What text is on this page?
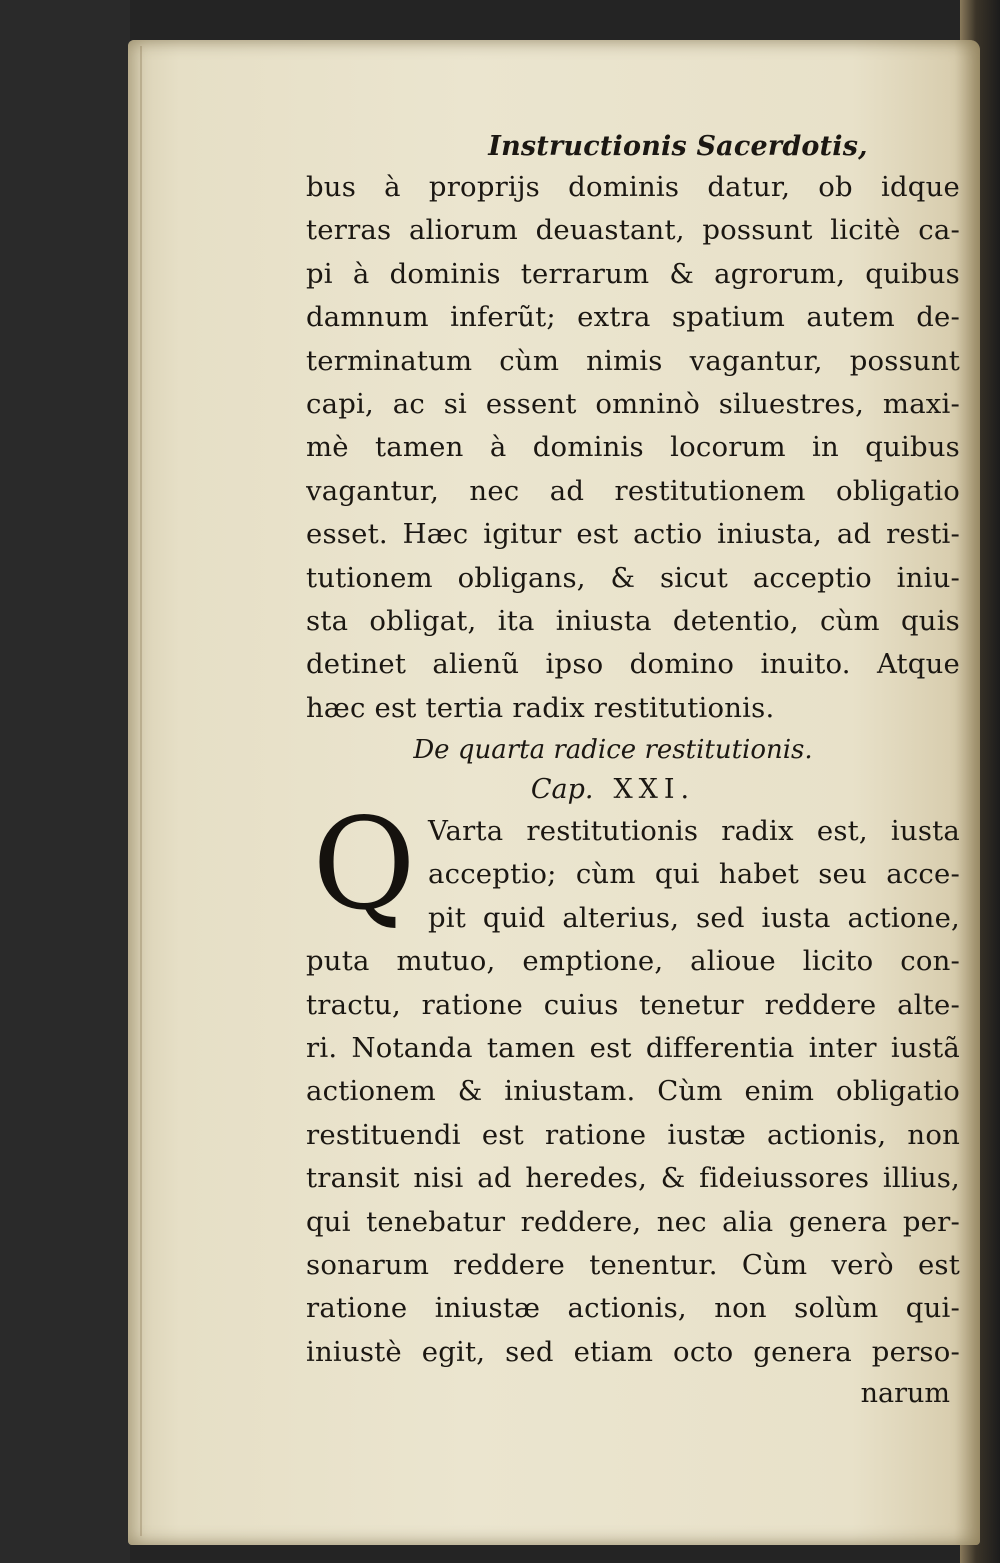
Instructionis Sacerdotis,
bus à proprijs dominis datur, ob idque
terras aliorum deuastant, possunt licitè ca-
pi à dominis terrarum & agrorum, quibus
damnum inferũt; extra spatium autem de-
terminatum cùm nimis vagantur, possunt
capi, ac si essent omninò siluestres, maxi-
mè tamen à dominis locorum in quibus
vagantur, nec ad restitutionem obligatio
esset. Hæc igitur est actio iniusta, ad resti-
tutionem obligans, & sicut acceptio iniu-
sta obligat, ita iniusta detentio, cùm quis
detinet alienũ ipso domino inuito. Atque
hæc est tertia radix restitutionis.
De quarta radice restitutionis.
Cap. XXI.
Q Varta restitutionis radix est, iusta
acceptio; cùm qui habet seu acce-
pit quid alterius, sed iusta actione,
puta mutuo, emptione, alioue licito con-
tractu, ratione cuius tenetur reddere alte-
ri. Notanda tamen est differentia inter iustã
actionem & iniustam. Cùm enim obligatio
restituendi est ratione iustæ actionis, non
transit nisi ad heredes, & fideiussores illius,
qui tenebatur reddere, nec alia genera per-
sonarum reddere tenentur. Cùm verò est
ratione iniustæ actionis, non solùm qui-
iniustè egit, sed etiam octo genera perso-
narum
